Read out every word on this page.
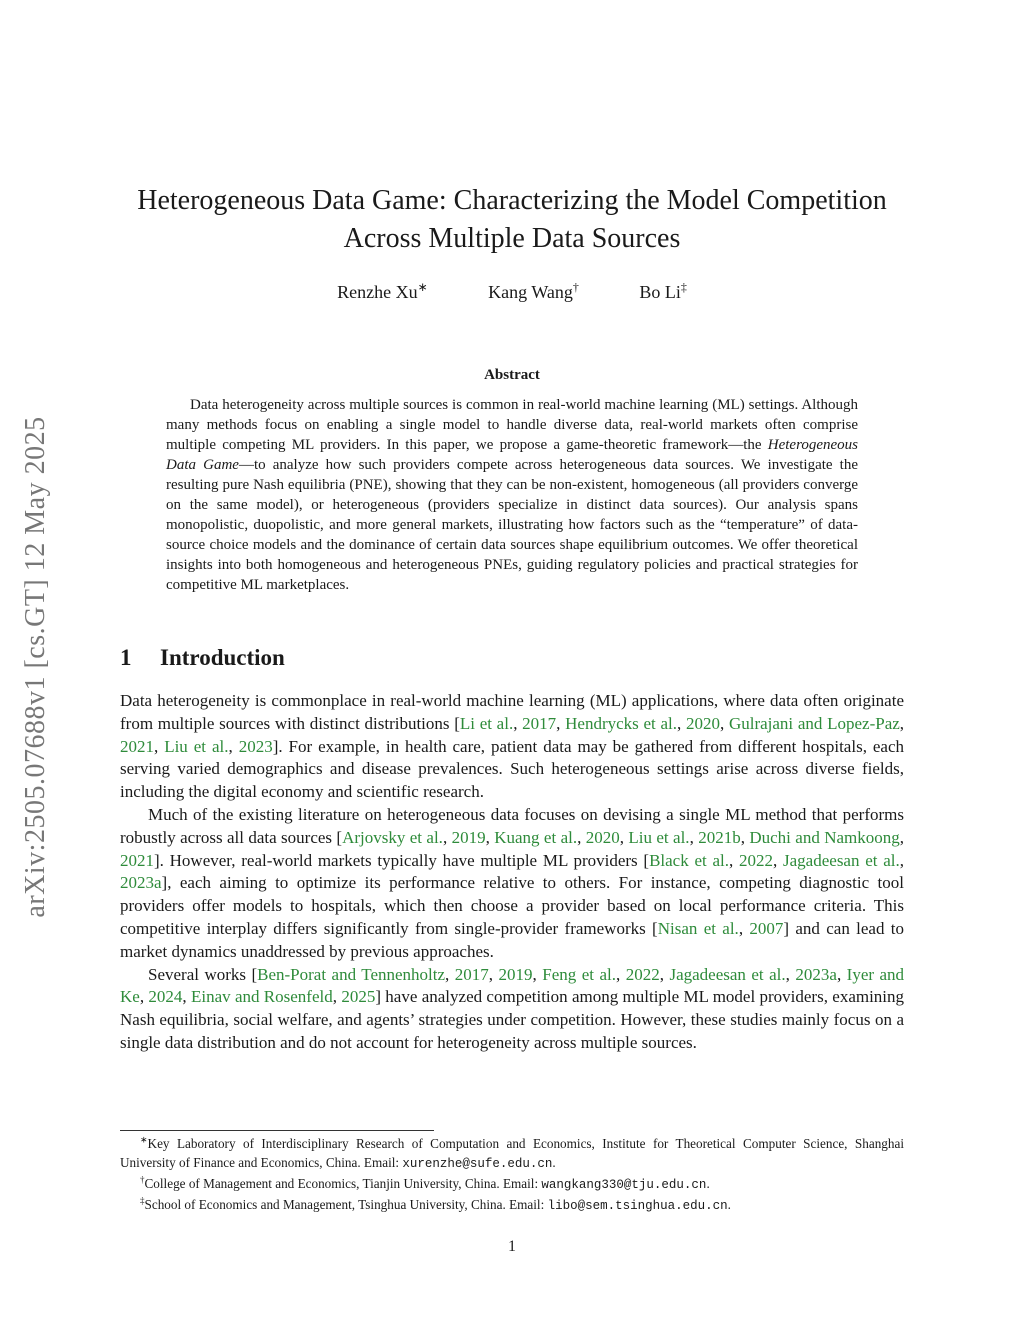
arXiv:2505.07688v1 [cs.GT] 12 May 2025
Heterogeneous Data Game: Characterizing the Model Competition
Across Multiple Data Sources
Renzhe Xu∗	Kang Wang†	Bo Li‡
Abstract

Data heterogeneity across multiple sources is common in real-world machine learning (ML) settings. Although many methods focus on enabling a single model to handle diverse data, real-world markets often comprise multiple competing ML providers. In this paper, we propose a game-theoretic framework—the Heterogeneous Data Game—to analyze how such providers compete across heterogeneous data sources. We investigate the resulting pure Nash equilibria (PNE), showing that they can be non-existent, homogeneous (all providers converge on the same model), or heterogeneous (providers specialize in distinct data sources). Our analysis spans monopolistic, duopolistic, and more general markets, illustrating how factors such as the “temperature” of data-source choice models and the dominance of certain data sources shape equilibrium outcomes. We offer theoretical insights into both homogeneous and heterogeneous PNEs, guiding regulatory policies and practical strategies for competitive ML marketplaces.

1 Introduction

Data heterogeneity is commonplace in real-world machine learning (ML) applications, where data often originate from multiple sources with distinct distributions [Li et al., 2017, Hendrycks et al., 2020, Gulrajani and Lopez-Paz, 2021, Liu et al., 2023]. For example, in health care, patient data may be gathered from different hospitals, each serving varied demographics and disease prevalences. Such heterogeneous settings arise across diverse fields, including the digital economy and scientific research.

Much of the existing literature on heterogeneous data focuses on devising a single ML method that performs robustly across all data sources [Arjovsky et al., 2019, Kuang et al., 2020, Liu et al., 2021b, Duchi and Namkoong, 2021]. However, real-world markets typically have multiple ML providers [Black et al., 2022, Jagadeesan et al., 2023a], each aiming to optimize its performance relative to others. For instance, competing diagnostic tool providers offer models to hospitals, which then choose a provider based on local performance criteria. This competitive interplay differs significantly from single-provider frameworks [Nisan et al., 2007] and can lead to market dynamics unaddressed by previous approaches.

Several works [Ben-Porat and Tennenholtz, 2017, 2019, Feng et al., 2022, Jagadeesan et al., 2023a, Iyer and Ke, 2024, Einav and Rosenfeld, 2025] have analyzed competition among multiple ML model providers, examining Nash equilibria, social welfare, and agents’ strategies under competition. However, these studies mainly focus on a single data distribution and do not account for heterogeneity across multiple sources.

∗Key Laboratory of Interdisciplinary Research of Computation and Economics, Institute for Theoretical Computer Science, Shanghai University of Finance and Economics, China. Email: xurenzhe@sufe.edu.cn.

†College of Management and Economics, Tianjin University, China. Email: wangkang330@tju.edu.cn.

‡School of Economics and Management, Tsinghua University, China. Email: libo@sem.tsinghua.edu.cn.

1
